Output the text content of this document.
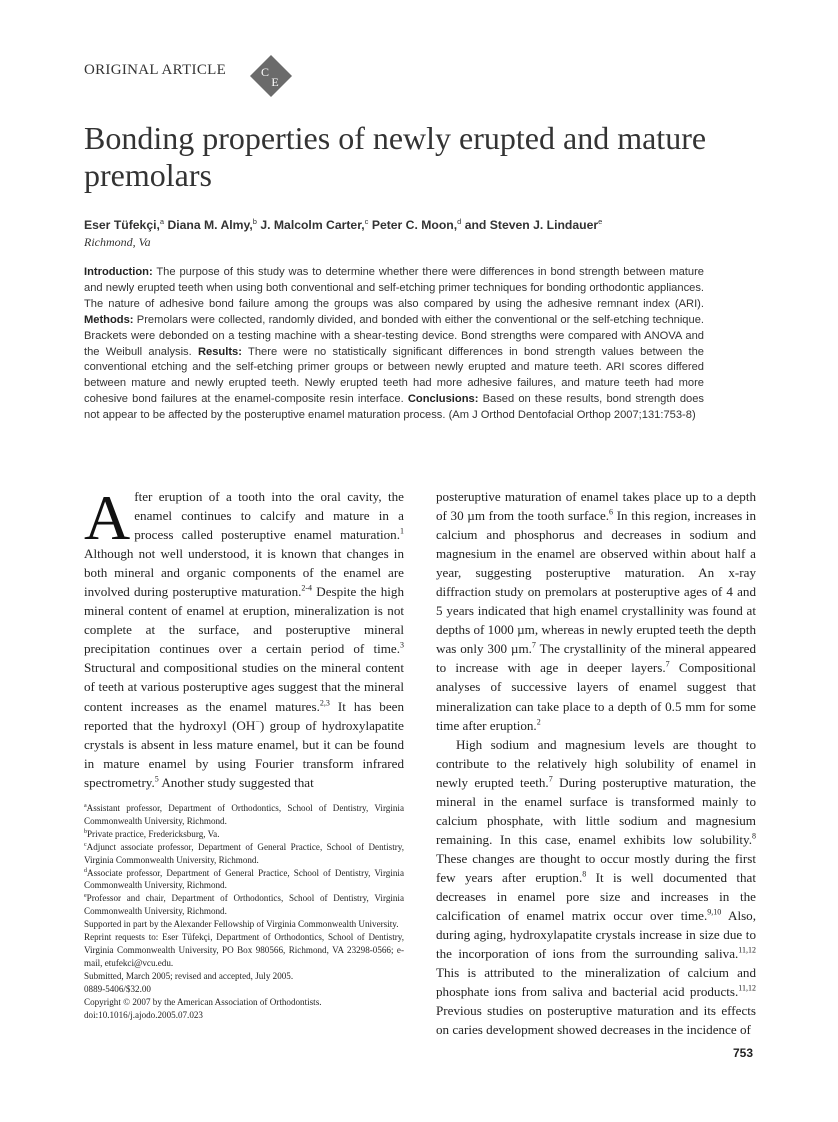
ORIGINAL ARTICLE	C
E
Bonding properties of newly erupted and mature premolars
Eser Tüfekçi,$^a$ Diana M. Almy,$^b$ J. Malcolm Carter,$^c$ Peter C. Moon,$^d$ and Steven J. Lindauer$^e$
Richmond, Va

Introduction: The purpose of this study was to determine whether there were differences in bond strength between mature and newly erupted teeth when using both conventional and self-etching primer techniques for bonding orthodontic appliances. The nature of adhesive bond failure among the groups was also compared by using the adhesive remnant index (ARI). Methods: Premolars were collected, randomly divided, and bonded with either the conventional or the self-etching technique. Brackets were debonded on a testing machine with a shear-testing device. Bond strengths were compared with ANOVA and the Weibull analysis. Results: There were no statistically significant differences in bond strength values between the conventional etching and the self-etching primer groups or between newly erupted and mature teeth. ARI scores differed between mature and newly erupted teeth. Newly erupted teeth had more adhesive failures, and mature teeth had more cohesive bond failures at the enamel-composite resin interface. Conclusions: Based on these results, bond strength does not appear to be affected by the posteruptive enamel maturation process. (Am J Orthod Dentofacial Orthop 2007;131:753-8)

After eruption of a tooth into the oral cavity, the enamel continues to calcify and mature in a process called posteruptive enamel maturation.$^1$ Although not well understood, it is known that changes in both mineral and organic components of the enamel are involved during posteruptive maturation.$^{2-4}$ Despite the high mineral content of enamel at eruption, mineralization is not complete at the surface, and posteruptive mineral precipitation continues over a certain period of time.$^3$ Structural and compositional studies on the mineral content of teeth at various posteruptive ages suggest that the mineral content increases as the enamel matures.$^{2,3}$ It has been reported that the hydroxyl (OH−) group of hydroxylapatite crystals is absent in less mature enamel, but it can be found in mature enamel by using Fourier transform infrared spectrometry.$^5$ Another study suggested that

posteruptive maturation of enamel takes place up to a depth of 30 µm from the tooth surface.$^6$ In this region, increases in calcium and phosphorus and decreases in sodium and magnesium in the enamel are observed within about half a year, suggesting posteruptive maturation. An x-ray diffraction study on premolars at posteruptive ages of 4 and 5 years indicated that high enamel crystallinity was found at depths of 1000 µm, whereas in newly erupted teeth the depth was only 300 µm.$^7$ The crystallinity of the mineral appeared to increase with age in deeper layers.$^7$ Compositional analyses of successive layers of enamel suggest that mineralization can take place to a depth of 0.5 mm for some time after eruption.$^2$

High sodium and magnesium levels are thought to contribute to the relatively high solubility of enamel in newly erupted teeth.$^7$ During posteruptive maturation, the mineral in the enamel surface is transformed mainly to calcium phosphate, with little sodium and magnesium remaining. In this case, enamel exhibits low solubility.$^8$ These changes are thought to occur mostly during the first few years after eruption.$^8$ It is well documented that decreases in enamel pore size and increases in the calcification of enamel matrix occur over time.$^{9,10}$ Also, during aging, hydroxylapatite crystals increase in size due to the incorporation of ions from the surrounding saliva.$^{11,12}$ This is attributed to the mineralization of calcium and phosphate ions from saliva and bacterial acid products.$^{11,12}$ Previous studies on posteruptive maturation and its effects on caries development showed decreases in the incidence of

$^a$Assistant professor, Department of Orthodontics, School of Dentistry, Virginia Commonwealth University, Richmond.
$^b$Private practice, Fredericksburg, Va.
$^c$Adjunct associate professor, Department of General Practice, School of Dentistry, Virginia Commonwealth University, Richmond.
$^d$Associate professor, Department of General Practice, School of Dentistry, Virginia Commonwealth University, Richmond.
$^e$Professor and chair, Department of Orthodontics, School of Dentistry, Virginia Commonwealth University, Richmond.
Supported in part by the Alexander Fellowship of Virginia Commonwealth University.
Reprint requests to: Eser Tüfekçi, Department of Orthodontics, School of Dentistry, Virginia Commonwealth University, PO Box 980566, Richmond, VA 23298-0566; e-mail, etufekci@vcu.edu.
Submitted, March 2005; revised and accepted, July 2005.
0889-5406/$32.00
Copyright © 2007 by the American Association of Orthodontists.
doi:10.1016/j.ajodo.2005.07.023
753
